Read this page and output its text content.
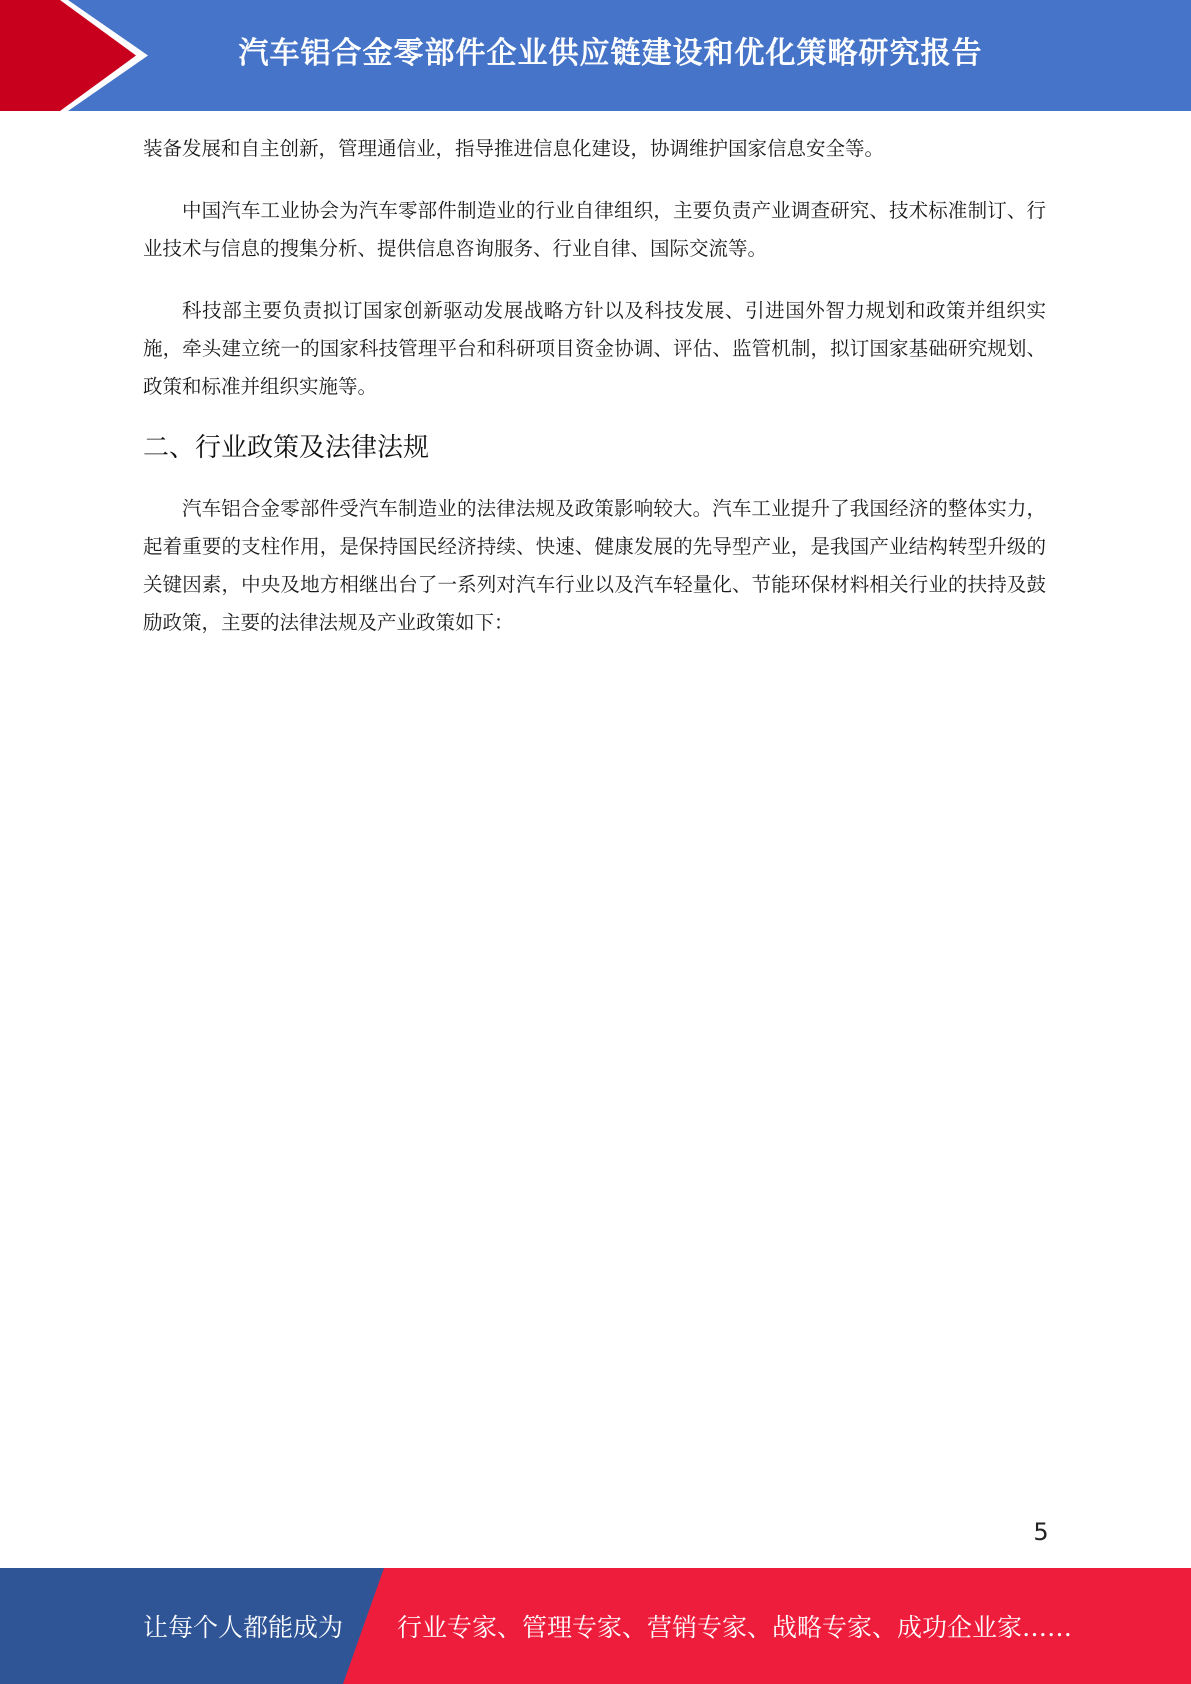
汽车铝合金零部件企业供应链建设和优化策略研究报告

装备发展和自主创新，管理通信业，指导推进信息化建设，协调维护国家信息安全等。

中国汽车工业协会为汽车零部件制造业的行业自律组织，主要负责产业调查研究、技术标准制订、行业技术与信息的搜集分析、提供信息咨询服务、行业自律、国际交流等。

科技部主要负责拟订国家创新驱动发展战略方针以及科技发展、引进国外智力规划和政策并组织实施，牵头建立统一的国家科技管理平台和科研项目资金协调、评估、监管机制，拟订国家基础研究规划、政策和标准并组织实施等。

二、行业政策及法律法规

汽车铝合金零部件受汽车制造业的法律法规及政策影响较大。汽车工业提升了我国经济的整体实力，起着重要的支柱作用，是保持国民经济持续、快速、健康发展的先导型产业，是我国产业结构转型升级的关键因素，中央及地方相继出台了一系列对汽车行业以及汽车轻量化、节能环保材料相关行业的扶持及鼓励政策，主要的法律法规及产业政策如下：

5
让每个人都能成为 行业专家、管理专家、营销专家、战略专家、成功企业家……
